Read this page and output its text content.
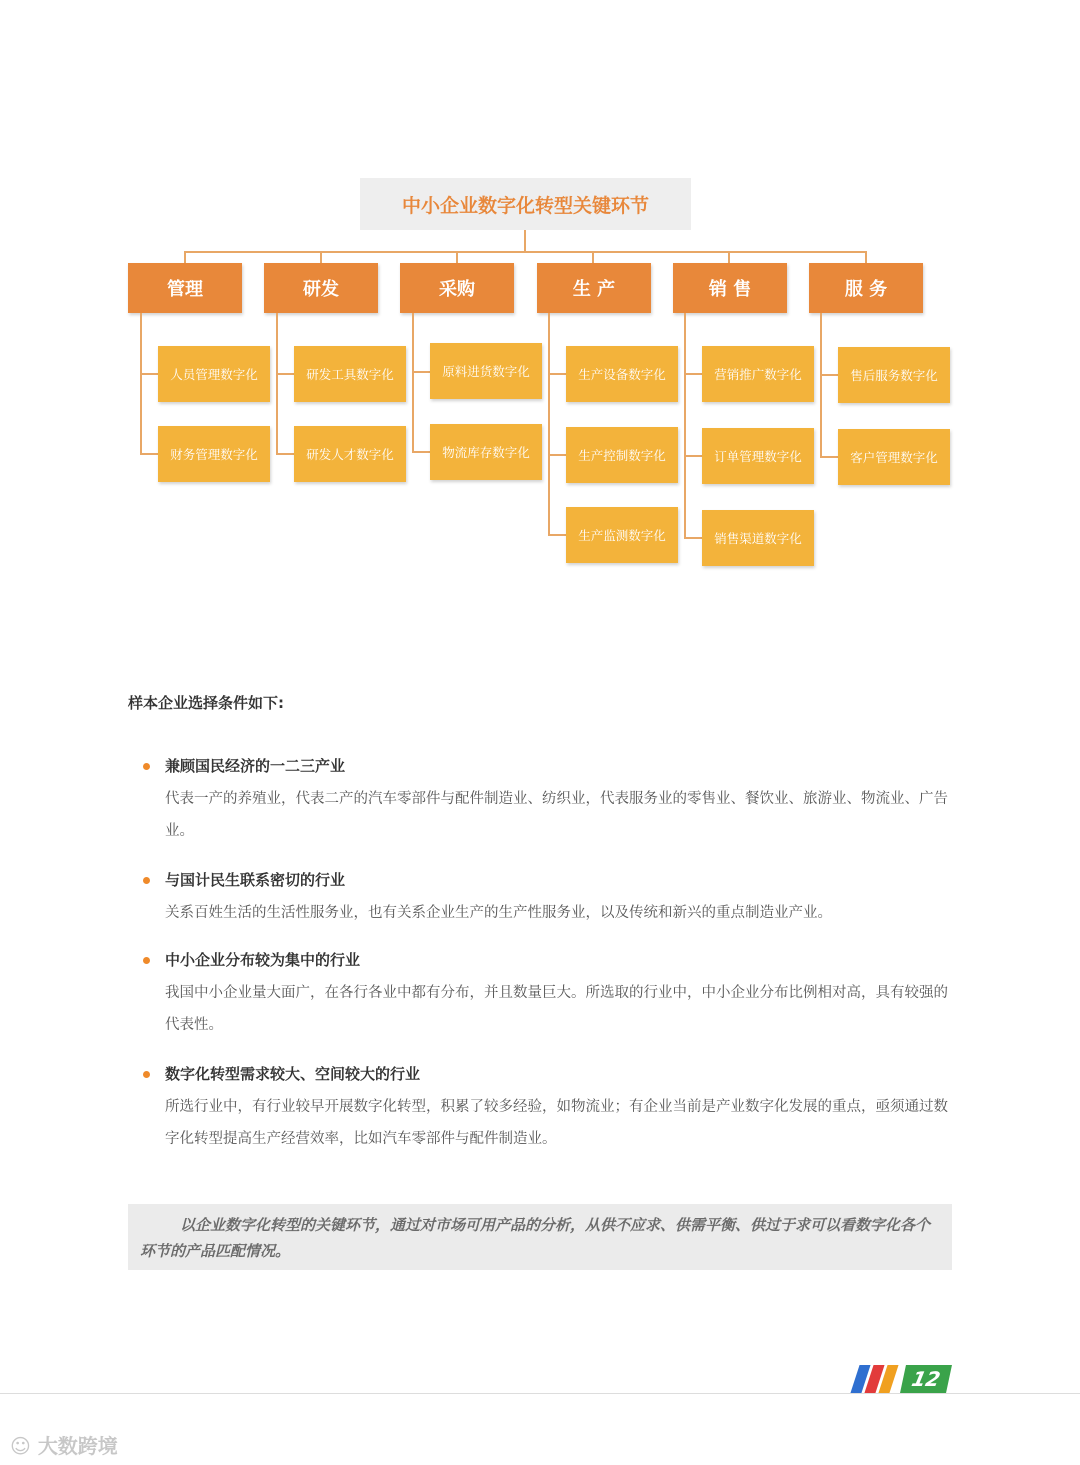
中小企业数字化转型关键环节
管理	研发	采购	生 产	销 售	服 务
人员管理数字化
财务管理数字化
研发工具数字化
研发人才数字化
原料进货数字化
物流库存数字化
生产设备数字化
生产控制数字化
生产监测数字化
营销推广数字化
订单管理数字化
销售渠道数字化
售后服务数字化
客户管理数字化
样本企业选择条件如下:
兼顾国民经济的一二三产业
代表一产的养殖业，代表二产的汽车零部件与配件制造业、纺织业，代表服务业的零售业、餐饮业、旅游业、物流业、广告业。
与国计民生联系密切的行业
关系百姓生活的生活性服务业，也有关系企业生产的生产性服务业，以及传统和新兴的重点制造业产业。
中小企业分布较为集中的行业
我国中小企业量大面广，在各行各业中都有分布，并且数量巨大。所选取的行业中，中小企业分布比例相对高，具有较强的代表性。
数字化转型需求较大、空间较大的行业
所选行业中，有行业较早开展数字化转型，积累了较多经验，如物流业；有企业当前是产业数字化发展的重点，亟须通过数字化转型提高生产经营效率，比如汽车零部件与配件制造业。
以企业数字化转型的关键环节，通过对市场可用产品的分析，从供不应求、供需平衡、供过于求可以看数字化各个环节的产品匹配情况。
12
☺ 大数跨境
